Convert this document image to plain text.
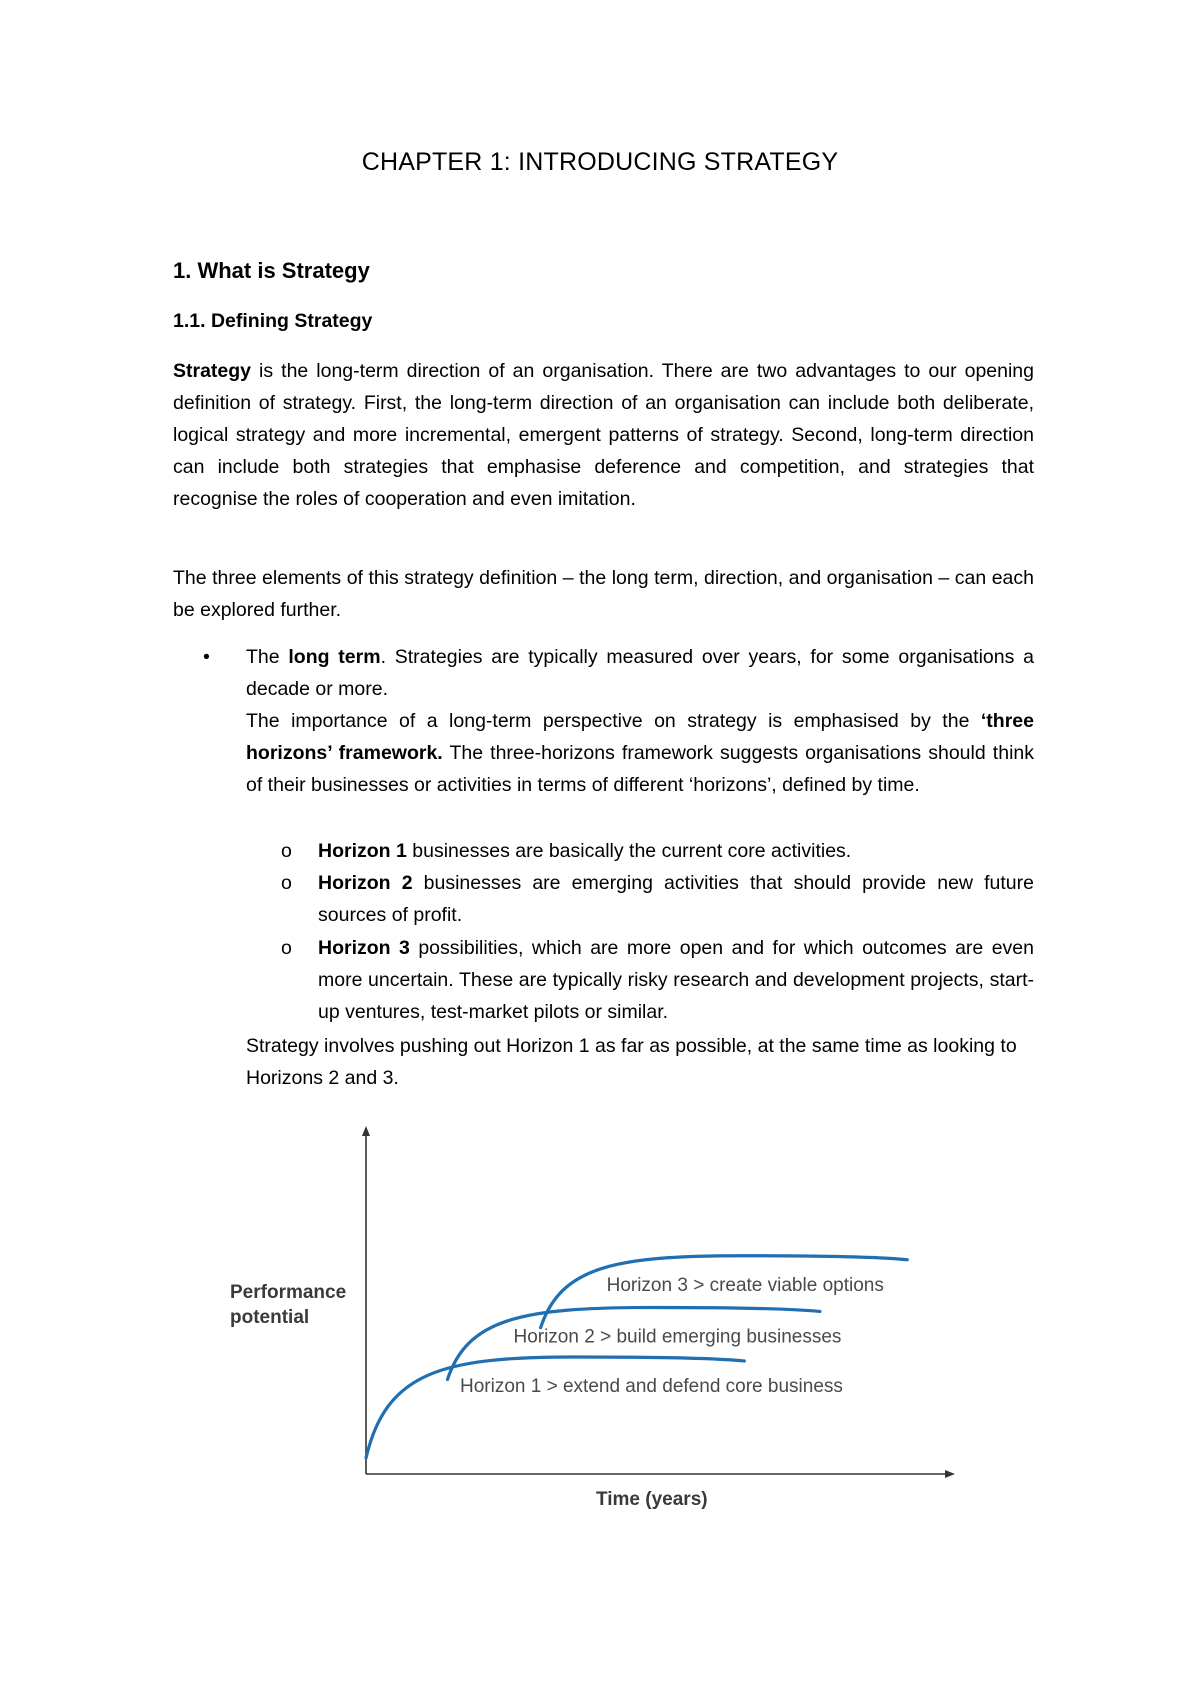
CHAPTER 1: INTRODUCING STRATEGY
1. What is Strategy
1.1. Defining Strategy
Strategy is the long-term direction of an organisation. There are two advantages to our opening definition of strategy. First, the long-term direction of an organisation can include both deliberate, logical strategy and more incremental, emergent patterns of strategy. Second, long-term direction can include both strategies that emphasise deference and competition, and strategies that recognise the roles of cooperation and even imitation.
The three elements of this strategy definition – the long term, direction, and organisation – can each be explored further.
• The long term. Strategies are typically measured over years, for some organisations a decade or more.
The importance of a long-term perspective on strategy is emphasised by the ‘three horizons’ framework. The three-horizons framework suggests organisations should think of their businesses or activities in terms of different ‘horizons’, defined by time.
o Horizon 1 businesses are basically the current core activities.
o Horizon 2 businesses are emerging activities that should provide new future sources of profit.
o Horizon 3 possibilities, which are more open and for which outcomes are even more uncertain. These are typically risky research and development projects, start-up ventures, test-market pilots or similar.
Strategy involves pushing out Horizon 1 as far as possible, at the same time as looking to Horizons 2 and 3.
Performance potential
Time (years)
Horizon 1 > extend and defend core business
Horizon 2 > build emerging businesses
Horizon 3 > create viable options
